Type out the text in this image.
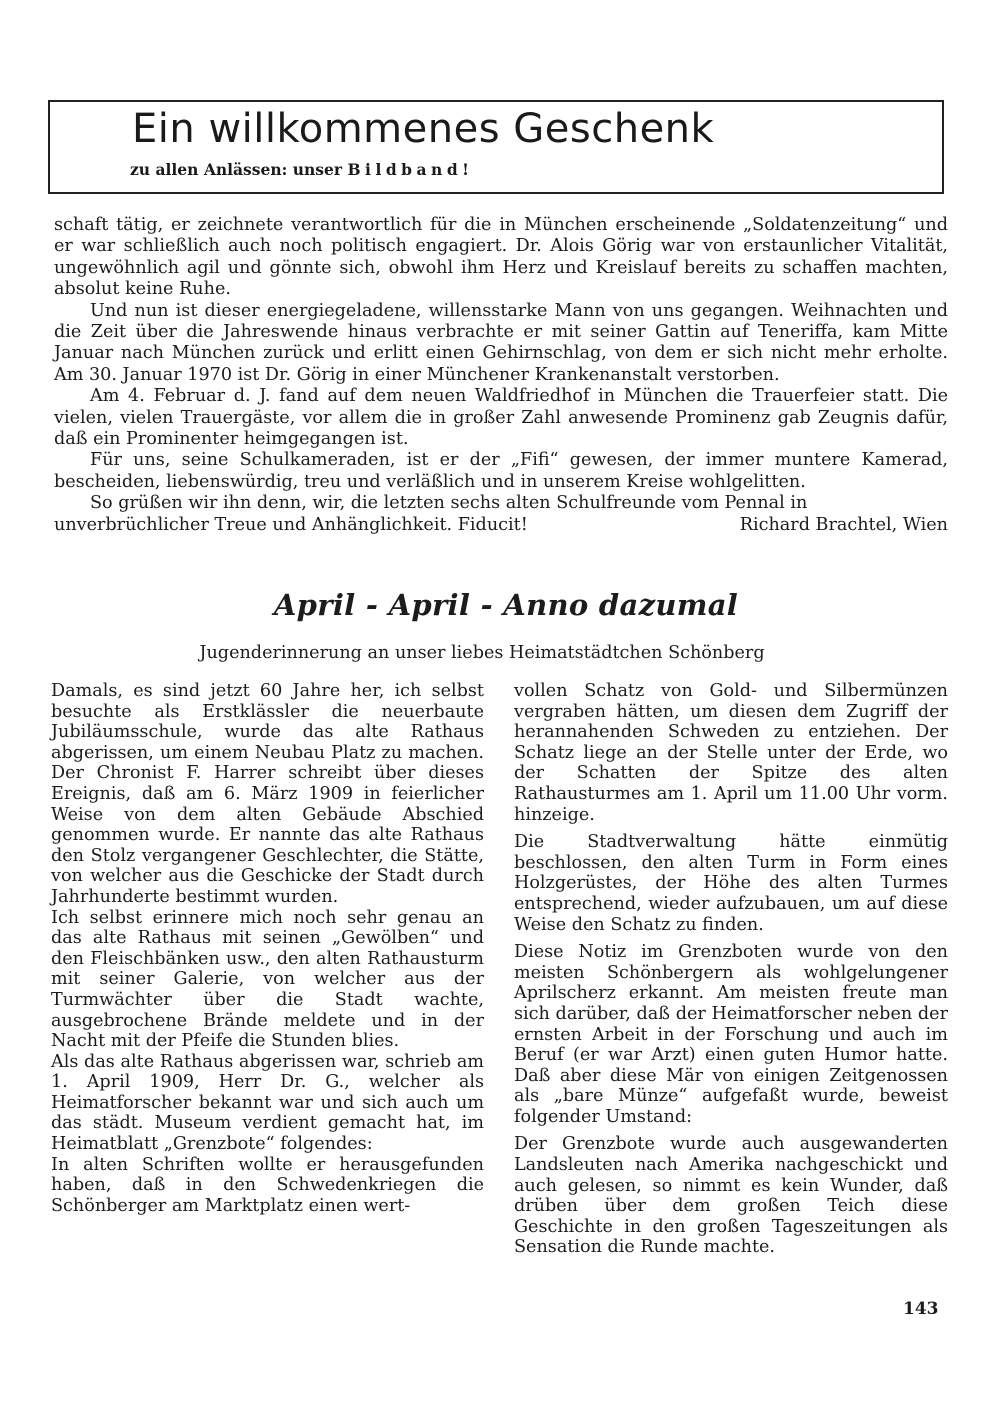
Ein willkommenes Geschenk
zu allen Anlässen: unser Bildband!

schaft tätig, er zeichnete verantwortlich für die in München erscheinende „Soldatenzeitung“ und er war schließlich auch noch politisch engagiert. Dr. Alois Görig war von erstaunlicher Vitalität, ungewöhnlich agil und gönnte sich, obwohl ihm Herz und Kreislauf bereits zu schaffen machten, absolut keine Ruhe.

Und nun ist dieser energiegeladene, willensstarke Mann von uns gegangen. Weihnachten und die Zeit über die Jahreswende hinaus verbrachte er mit seiner Gattin auf Teneriffa, kam Mitte Januar nach München zurück und erlitt einen Gehirnschlag, von dem er sich nicht mehr erholte. Am 30. Januar 1970 ist Dr. Görig in einer Münchener Krankenanstalt verstorben.

Am 4. Februar d. J. fand auf dem neuen Waldfriedhof in München die Trauerfeier statt. Die vielen, vielen Trauergäste, vor allem die in großer Zahl anwesende Prominenz gab Zeugnis dafür, daß ein Prominenter heimgegangen ist.

Für uns, seine Schulkameraden, ist er der „Fifi“ gewesen, der immer muntere Kamerad, bescheiden, liebenswürdig, treu und verläßlich und in unserem Kreise wohlgelitten.

So grüßen wir ihn denn, wir, die letzten sechs alten Schulfreunde vom Pennal in

unverbrüchlicher Treue und Anhänglichkeit. Fiducit!	Richard Brachtel, Wien
April - April - Anno dazumal

Jugenderinnerung an unser liebes Heimatstädtchen Schönberg

Damals, es sind jetzt 60 Jahre her, ich selbst besuchte als Erstklässler die neuerbaute Jubiläumsschule, wurde das alte Rathaus abgerissen, um einem Neubau Platz zu machen. Der Chronist F. Harrer schreibt über dieses Ereignis, daß am 6. März 1909 in feierlicher Weise von dem alten Gebäude Abschied genommen wurde. Er nannte das alte Rathaus den Stolz vergangener Geschlechter, die Stätte, von welcher aus die Geschicke der Stadt durch Jahrhunderte bestimmt wurden.

Ich selbst erinnere mich noch sehr genau an das alte Rathaus mit seinen „Gewölben“ und den Fleischbänken usw., den alten Rathausturm mit seiner Galerie, von welcher aus der Turmwächter über die Stadt wachte, ausgebrochene Brände meldete und in der Nacht mit der Pfeife die Stunden blies.

Als das alte Rathaus abgerissen war, schrieb am 1. April 1909, Herr Dr. G., welcher als Heimatforscher bekannt war und sich auch um das städt. Museum verdient gemacht hat, im Heimatblatt „Grenzbote“ folgendes:

In alten Schriften wollte er herausgefunden haben, daß in den Schwedenkriegen die Schönberger am Marktplatz einen wert-

vollen Schatz von Gold- und Silbermünzen vergraben hätten, um diesen dem Zugriff der herannahenden Schweden zu entziehen. Der Schatz liege an der Stelle unter der Erde, wo der Schatten der Spitze des alten Rathausturmes am 1. April um 11.00 Uhr vorm. hinzeige.

Die Stadtverwaltung hätte einmütig beschlossen, den alten Turm in Form eines Holzgerüstes, der Höhe des alten Turmes entsprechend, wieder aufzubauen, um auf diese Weise den Schatz zu finden.

Diese Notiz im Grenzboten wurde von den meisten Schönbergern als wohlgelungener Aprilscherz erkannt. Am meisten freute man sich darüber, daß der Heimatforscher neben der ernsten Arbeit in der Forschung und auch im Beruf (er war Arzt) einen guten Humor hatte. Daß aber diese Mär von einigen Zeitgenossen als „bare Münze“ aufgefaßt wurde, beweist folgender Umstand:

Der Grenzbote wurde auch ausgewanderten Landsleuten nach Amerika nachgeschickt und auch gelesen, so nimmt es kein Wunder, daß drüben über dem großen Teich diese Geschichte in den großen Tageszeitungen als Sensation die Runde machte.

143
